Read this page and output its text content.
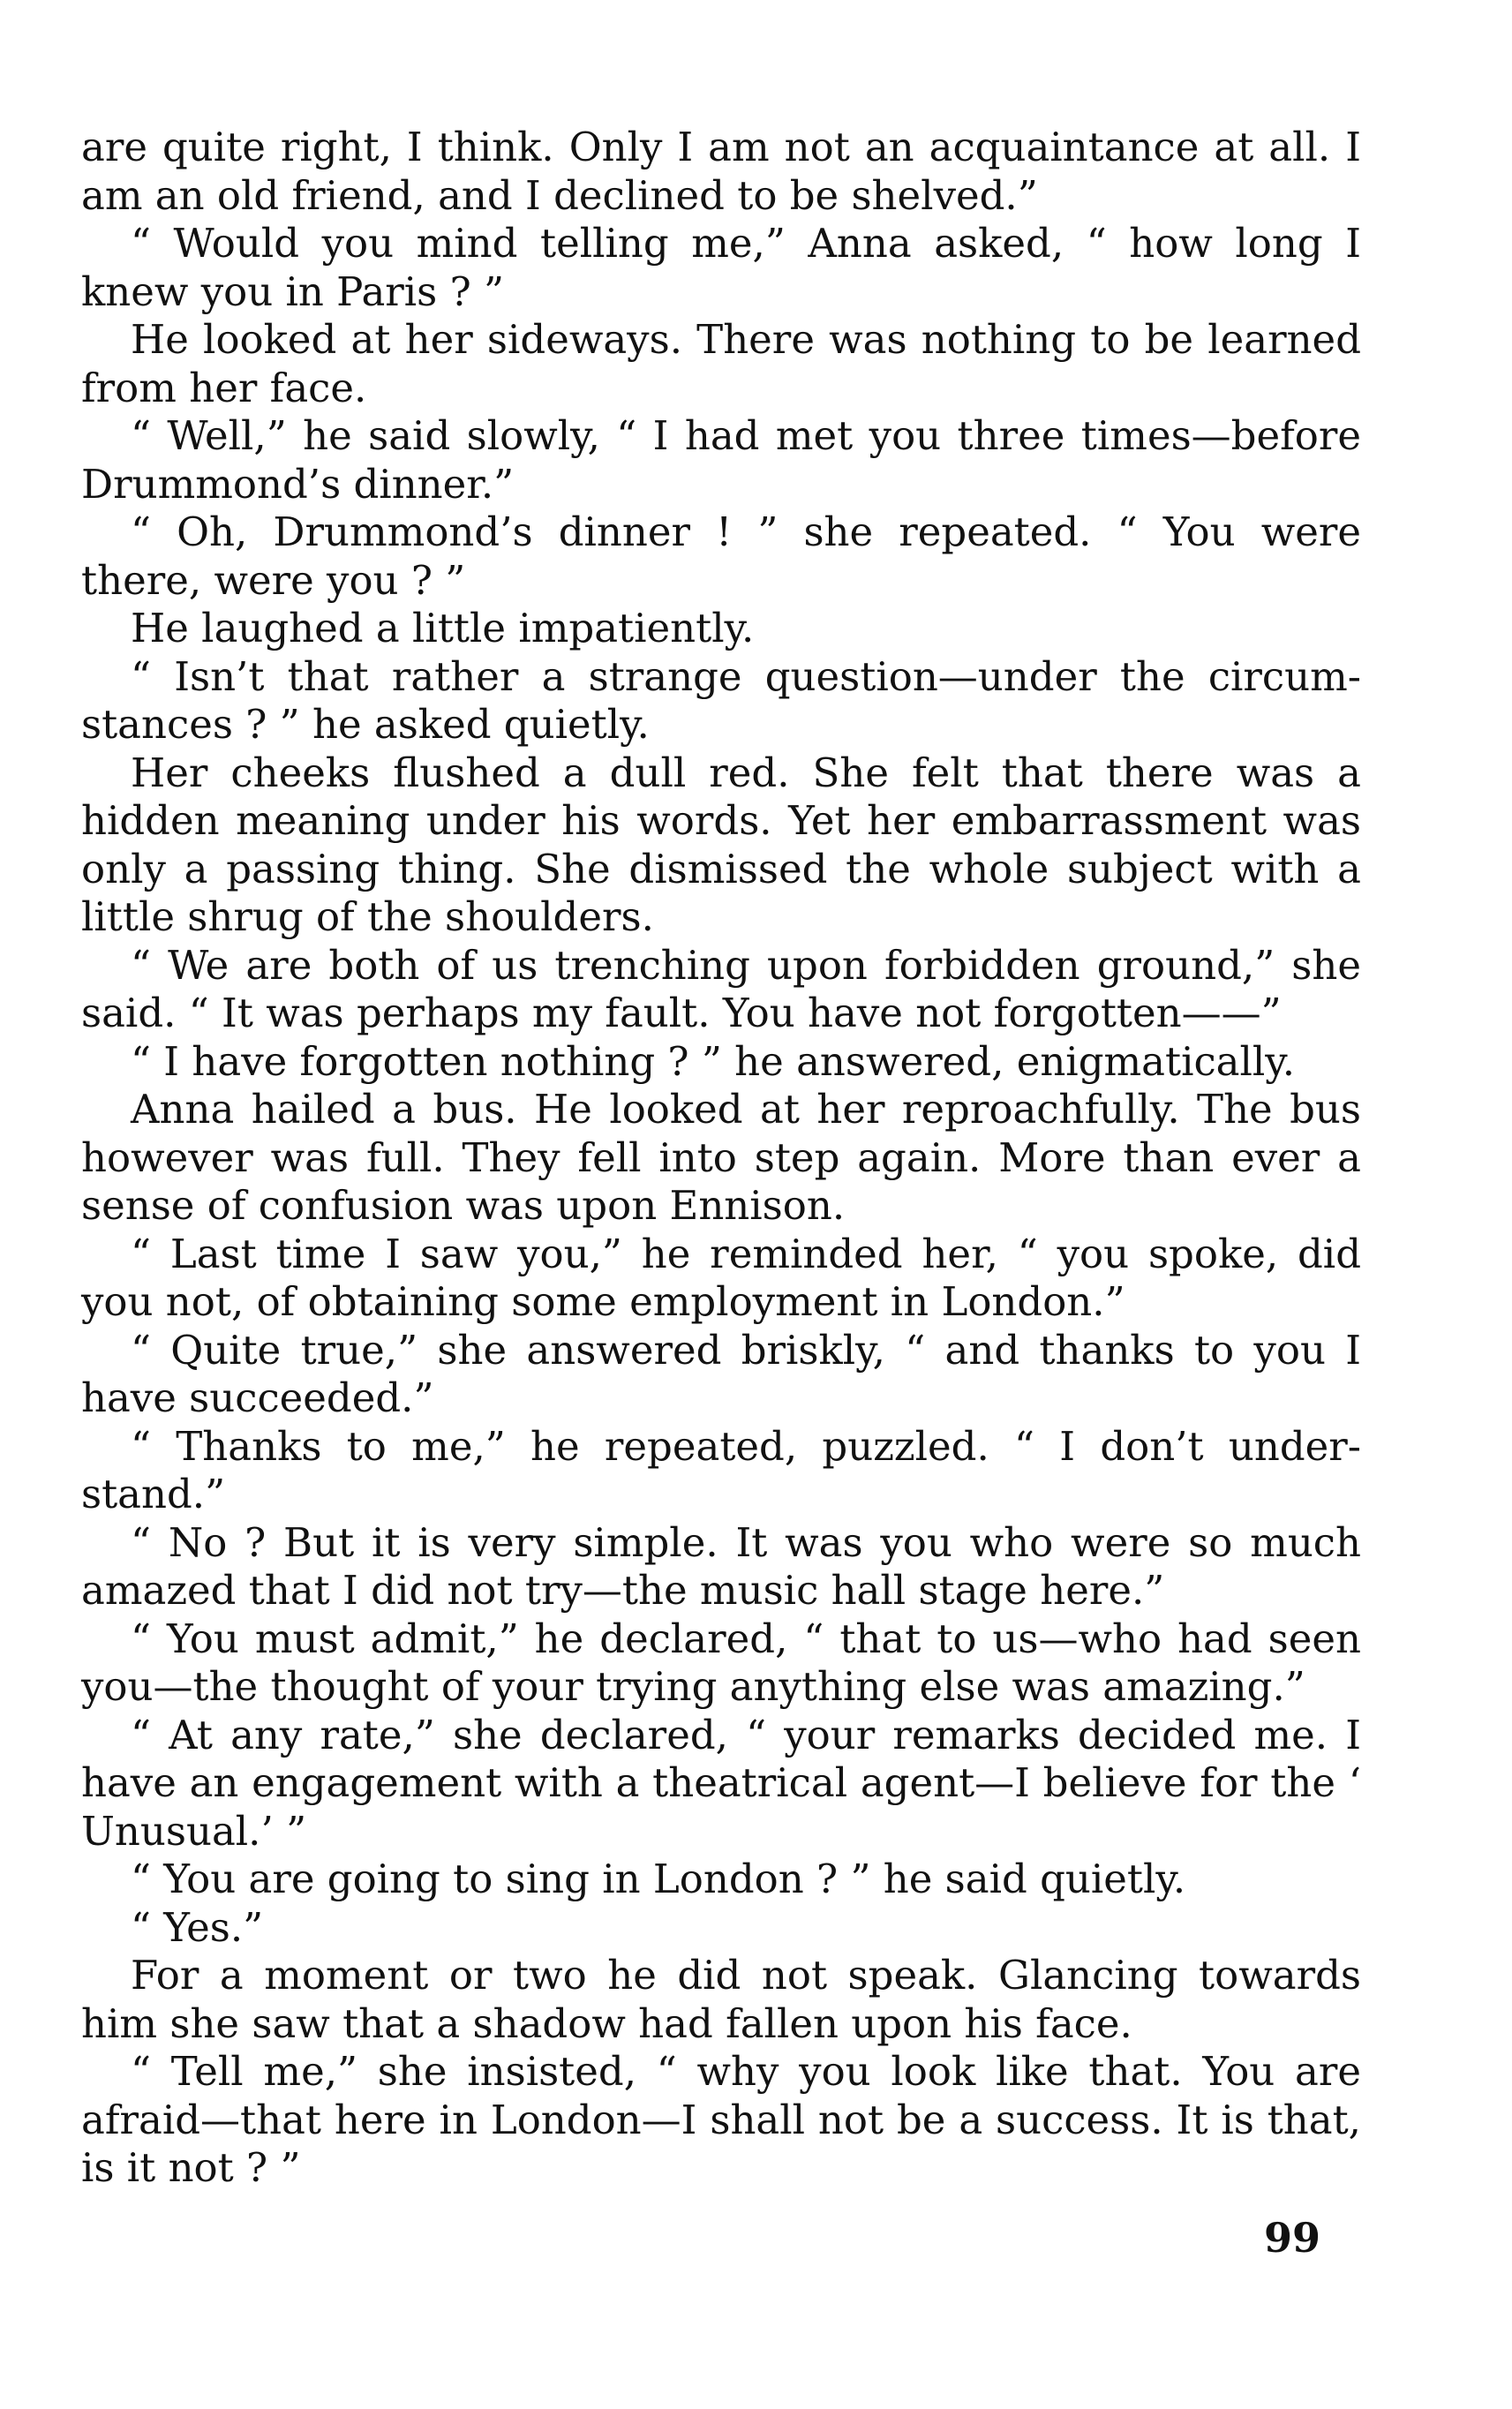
are quite right, I think. Only I am not an acquaintance at all. I am an old friend, and I declined to be shelved.”

“ Would you mind telling me,” Anna asked, “ how long I knew you in Paris ? ”

He looked at her sideways. There was nothing to be learned from her face.

“ Well,” he said slowly, “ I had met you three times—before Drummond’s dinner.”

“ Oh, Drummond’s dinner ! ” she repeated. “ You were there, were you ? ”

He laughed a little impatiently.

“ Isn’t that rather a strange question—under the circum-stances ? ” he asked quietly.

Her cheeks flushed a dull red. She felt that there was a hidden meaning under his words. Yet her embarrassment was only a passing thing. She dismissed the whole subject with a little shrug of the shoulders.

“ We are both of us trenching upon forbidden ground,” she said. “ It was perhaps my fault. You have not forgotten——”

“ I have forgotten nothing ? ” he answered, enigmatically.

Anna hailed a bus. He looked at her reproachfully. The bus however was full. They fell into step again. More than ever a sense of confusion was upon Ennison.

“ Last time I saw you,” he reminded her, “ you spoke, did you not, of obtaining some employment in London.”

“ Quite true,” she answered briskly, “ and thanks to you I have succeeded.”

“ Thanks to me,” he repeated, puzzled. “ I don’t under-stand.”

“ No ? But it is very simple. It was you who were so much amazed that I did not try—the music hall stage here.”

“ You must admit,” he declared, “ that to us—who had seen you—the thought of your trying anything else was amazing.”

“ At any rate,” she declared, “ your remarks decided me. I have an engagement with a theatrical agent—I believe for the ‘ Unusual.’ ”

“ You are going to sing in London ? ” he said quietly.

“ Yes.”

For a moment or two he did not speak. Glancing towards him she saw that a shadow had fallen upon his face.

“ Tell me,” she insisted, “ why you look like that. You are afraid—that here in London—I shall not be a success. It is that, is it not ? ”

99
